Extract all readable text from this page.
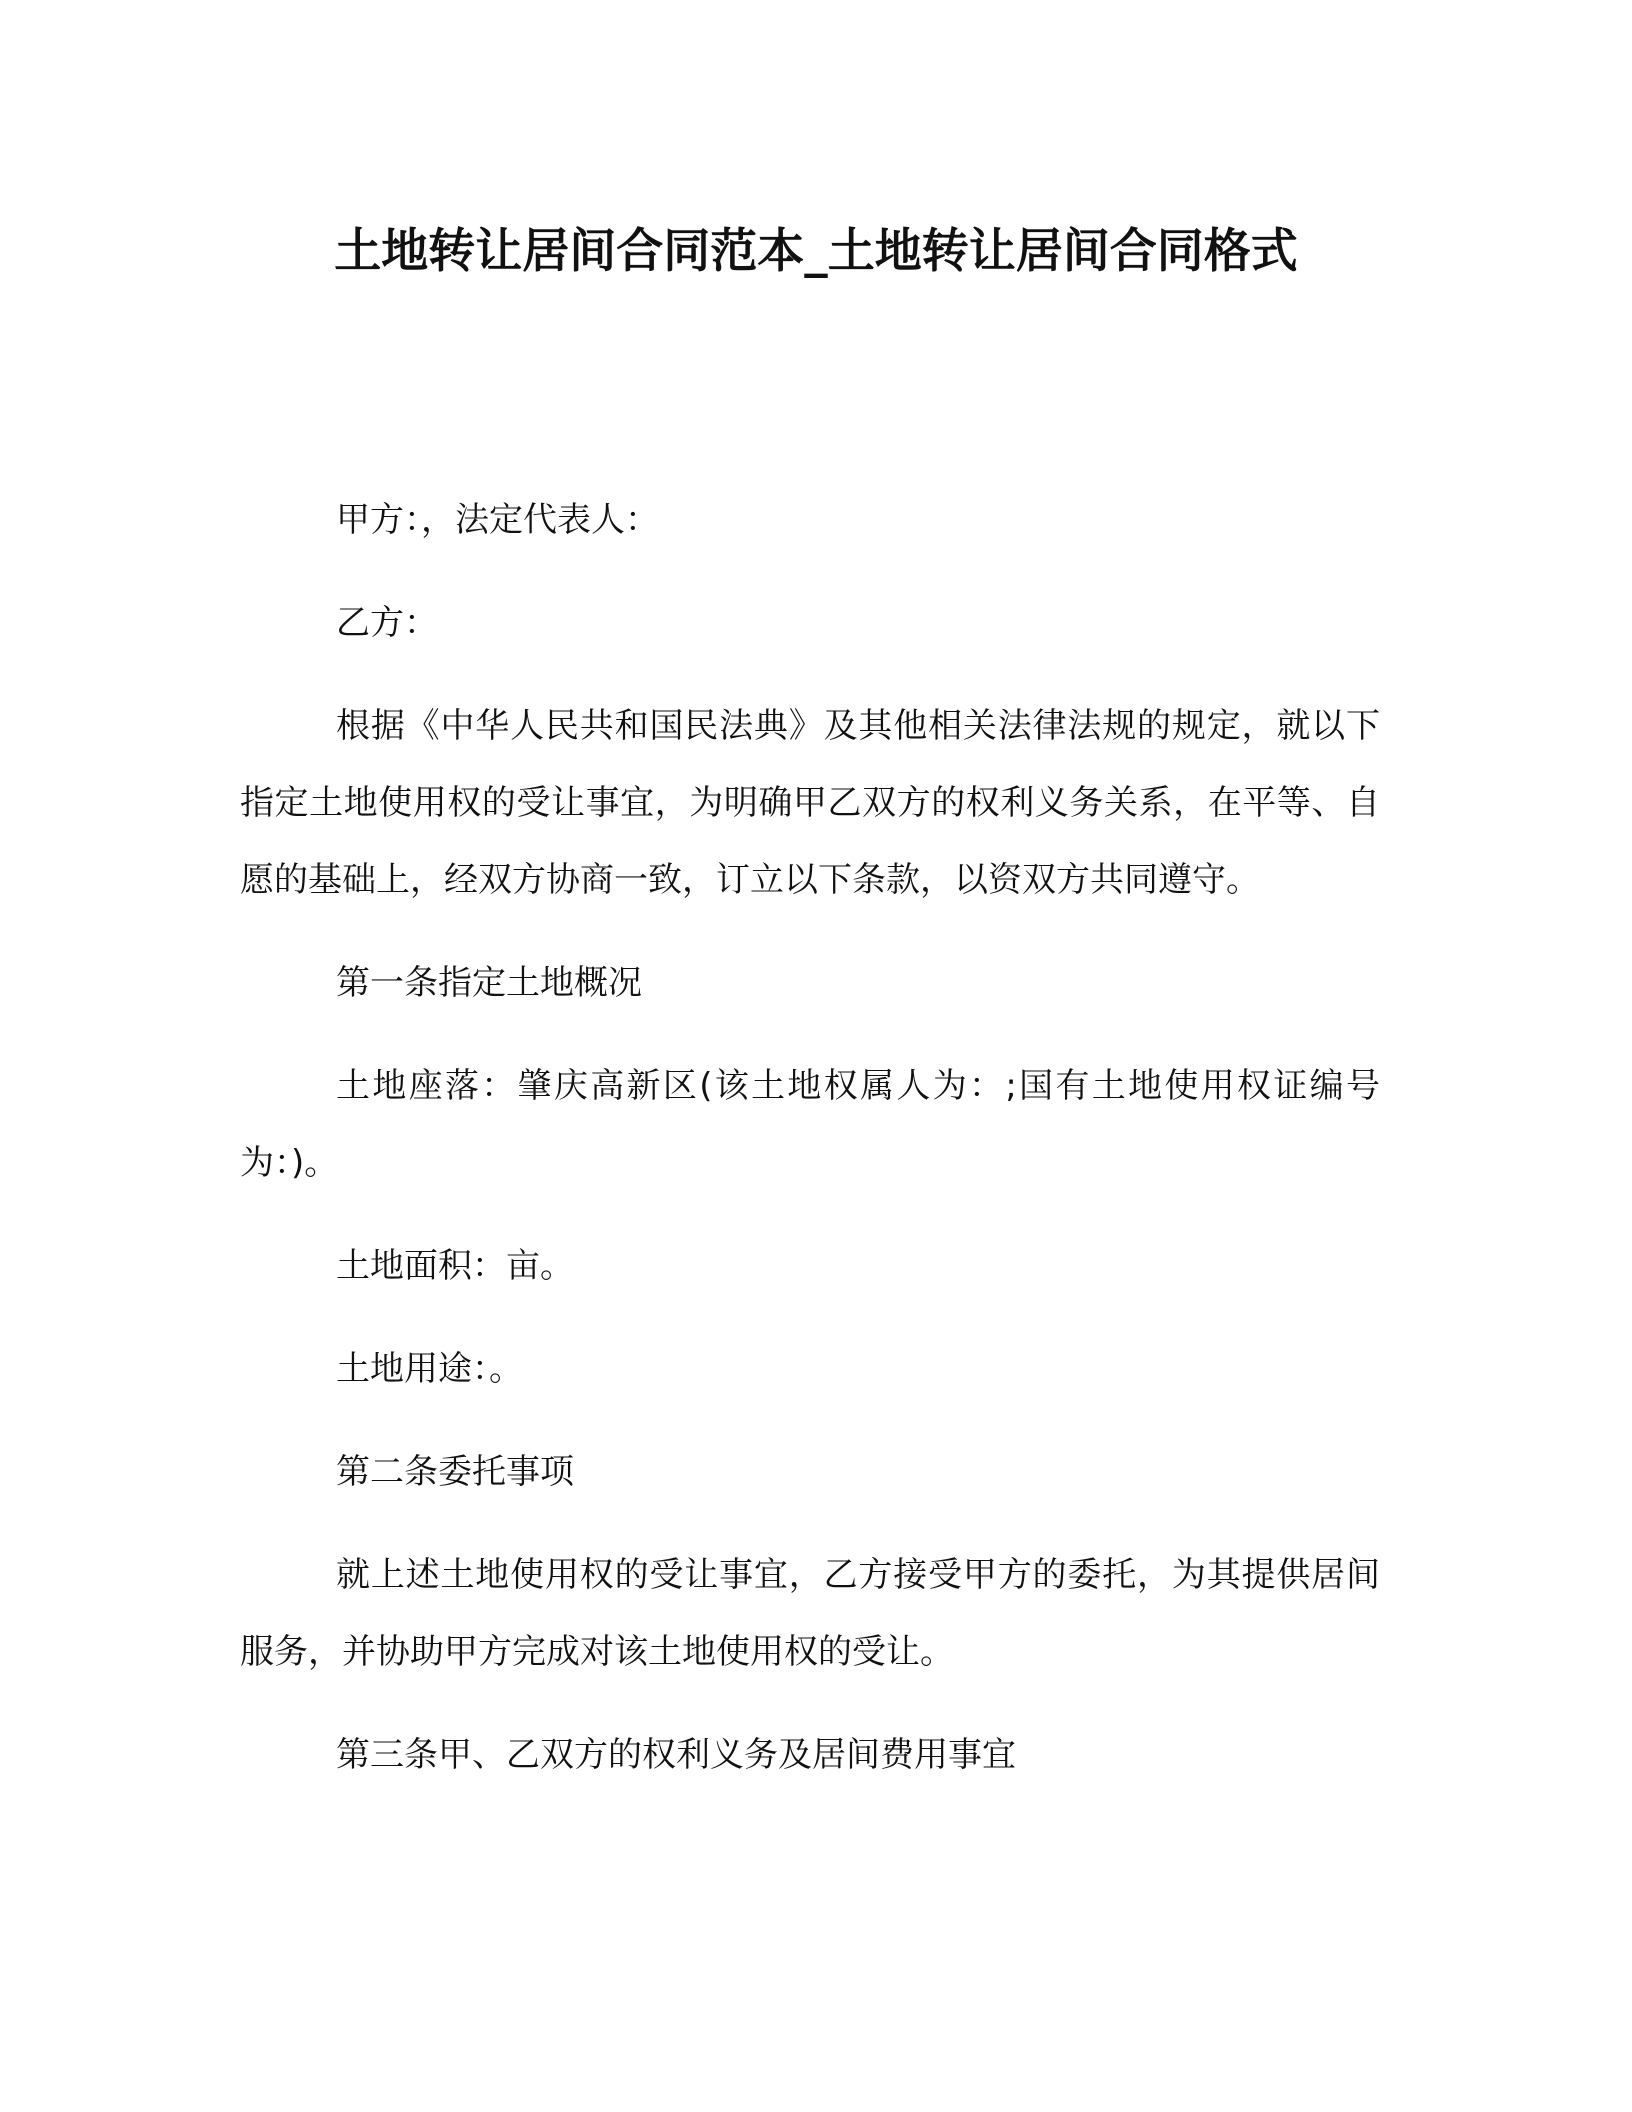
土地转让居间合同范本_土地转让居间合同格式

甲方：，法定代表人：

乙方：

根据《中华人民共和国民法典》及其他相关法律法规的规定，就以下指定土地使用权的受让事宜，为明确甲乙双方的权利义务关系，在平等、自愿的基础上，经双方协商一致，订立以下条款，以资双方共同遵守。

第一条指定土地概况

土地座落：肇庆高新区(该土地权属人为：;国有土地使用权证编号为：)。

土地面积：亩。

土地用途：。

第二条委托事项

就上述土地使用权的受让事宜，乙方接受甲方的委托，为其提供居间服务，并协助甲方完成对该土地使用权的受让。

第三条甲、乙双方的权利义务及居间费用事宜
